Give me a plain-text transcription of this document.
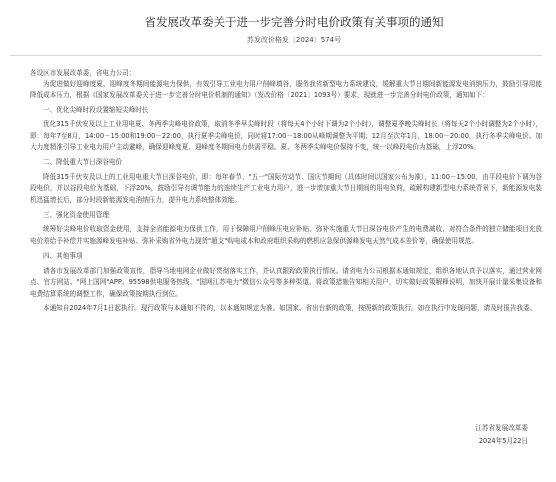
省发展改革委关于进一步完善分时电价政策有关事项的通知
苏发改价格发〔2024〕574号
各设区市发展改革委，省电力公司：

为促进做好迎峰度夏、迎峰度冬期间能源电力保供，有效引导工业电力用户削峰填谷，服务我省新型电力系统建设，缓解重大节日期间新能源发电消纳压力，鼓励引导用能降低成本压力，根据《国家发展改革委关于进一步完善分时电价机制的通知》（发改价格〔2021〕1093号）要求，现就进一步完善分时电价政策，通知如下：

一、优化尖峰时段设置缩短尖峰时长

优化315千伏安及以上工业用电夏、冬两季尖峰电价政策，取消冬季早尖峰时段（将每天4个小时下调为2个小时），调整夏季晚尖峰时长（将每天2个小时调整为2个小时），即：每年7至8月，14:00－15:00和19:00－22:00，执行夏季尖峰电价，同时将17:00－18:00从峰期调整为平期；12月至次年1月，18:00－20:00，执行冬季尖峰电价。加大力度精准引导工业电力用户主动避峰，确保迎峰度夏、迎峰度冬期间电力供需平稳。夏、冬两季尖峰电价保持不变，统一以峰段电价为基础，上浮20%。

二、降低重大节日深谷电价

降低315千伏安及以上的工业用电重大节日深谷电价，即：每年春节、"五一"国际劳动节、国庆节期间（具体时间以国家公布为准），11:00－15:00，由平段电价下调为谷段电价，并以谷段电价为基础，下浮20%，鼓励引导有调节能力的连续生产工业电力用户，进一步增加重大节日期间的用电负荷，疏解构建新型电力系统背景下，新能源发电装机迅猛增长后，部分时段新能源发电消纳压力，提升电力系统整体效能。

三、强化资金使用管理

统筹好尖峰电价收取资金使用，支持全省能源电力保供工作，用于保障用户削峰压电应补贴、弥补实施重大节日深谷电价产生的电费减收、对符合条件的独立储能项目充放电价差给予补偿并实施源峰发电补贴、弥补采购省外电力现货"超支"购电成本和政府组织采购的燃机应急保供源峰发电天然气成本差价等，确保使用规范。

四、其他事项

请各市发展改革部门加强政策宣传，指导当地电网企业做好贯彻落实工作，并认真跟踪政策执行情况。请省电力公司根据本通知规定，组织各地认真予以落实，通过营业网点、官方网站、"网上国网"APP、95598供电服务热线、"国网江苏电力"微信公众号等多种渠道，将政策措施告知相关用户，切实做好政策解释说明，加快开展计量采集设备和电费结算系统的调整工作，确保政策按期执行到位。

本通知自2024年7月1日起执行。现行政策与本通知不符的，以本通知规定为准。如国家、省出台新的政策，按照新的政策执行。如在执行中发现问题，请及时报告我委。

江苏省发展改革委
2024年5月22日
